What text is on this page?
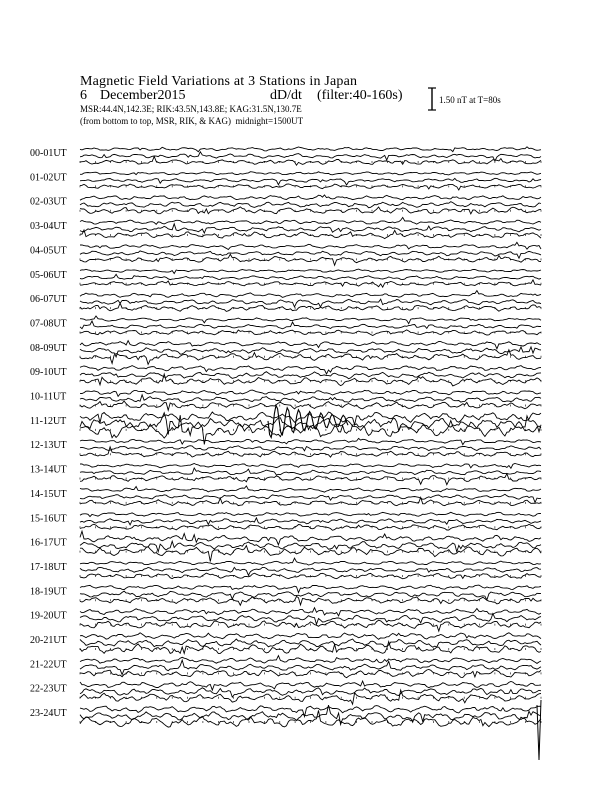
Magnetic Field Variations at 3 Stations in Japan
6 December2015	dD/dt (filter:40-160s)
MSR:44.4N,142.3E; RIK:43.5N,143.8E; KAG:31.5N,130.7E
(from bottom to top, MSR, RIK, & KAG) midnight=1500UT
1.50 nT at T=80s
00-01UT
01-02UT
02-03UT
03-04UT
04-05UT
05-06UT
06-07UT
07-08UT
08-09UT
09-10UT
10-11UT
11-12UT
12-13UT
13-14UT
14-15UT
15-16UT
16-17UT
17-18UT
18-19UT
19-20UT
20-21UT
21-22UT
22-23UT
23-24UT
